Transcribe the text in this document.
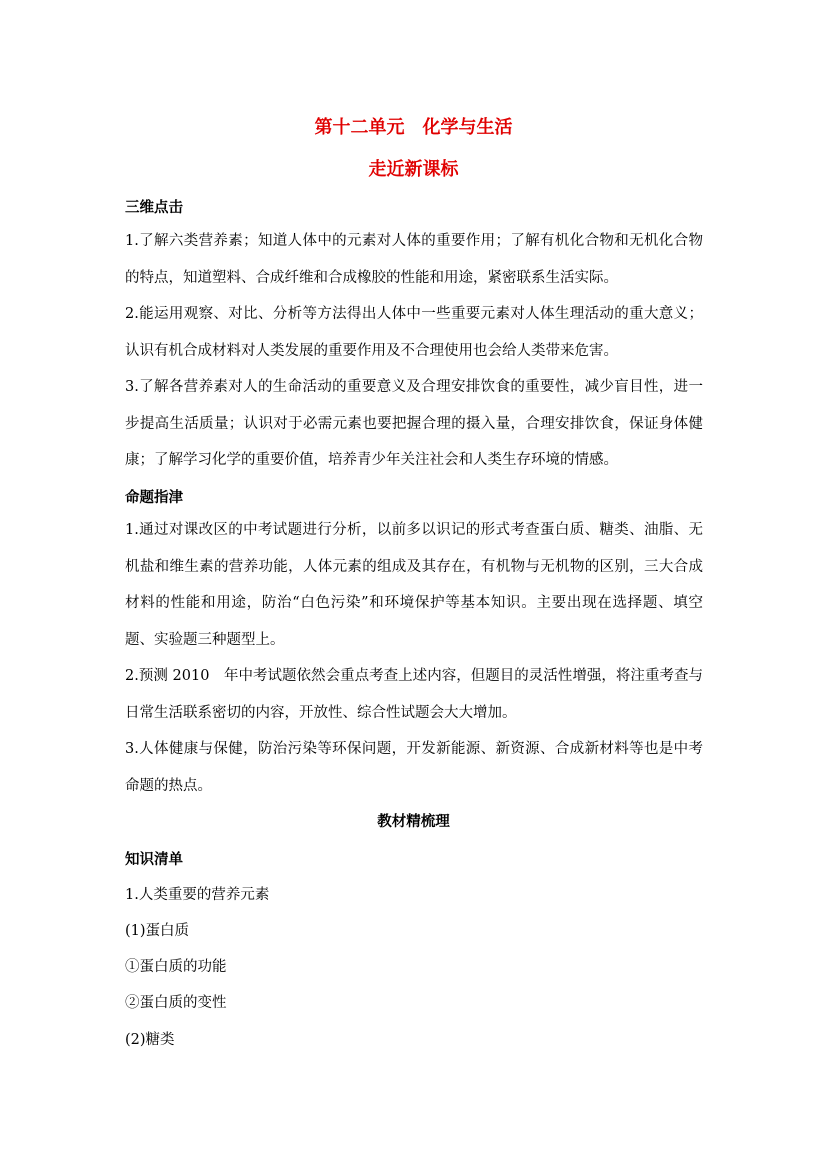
第十二单元　化学与生活
走近新课标
三维点击

1.了解六类营养素；知道人体中的元素对人体的重要作用；了解有机化合物和无机化合物的特点，知道塑料、合成纤维和合成橡胶的性能和用途，紧密联系生活实际。

2.能运用观察、对比、分析等方法得出人体中一些重要元素对人体生理活动的重大意义；认识有机合成材料对人类发展的重要作用及不合理使用也会给人类带来危害。

3.了解各营养素对人的生命活动的重要意义及合理安排饮食的重要性，减少盲目性，进一步提高生活质量；认识对于必需元素也要把握合理的摄入量，合理安排饮食，保证身体健康；了解学习化学的重要价值，培养青少年关注社会和人类生存环境的情感。

命题指津

1.通过对课改区的中考试题进行分析，以前多以识记的形式考查蛋白质、糖类、油脂、无机盐和维生素的营养功能，人体元素的组成及其存在，有机物与无机物的区别，三大合成材料的性能和用途，防治“白色污染”和环境保护等基本知识。主要出现在选择题、填空题、实验题三种题型上。

2.预测 2010　年中考试题依然会重点考查上述内容，但题目的灵活性增强，将注重考查与日常生活联系密切的内容，开放性、综合性试题会大大增加。

3.人体健康与保健，防治污染等环保问题，开发新能源、新资源、合成新材料等也是中考命题的热点。

教材精梳理
知识清单

1.人类重要的营养元素

(1)蛋白质

①蛋白质的功能

②蛋白质的变性

(2)糖类
